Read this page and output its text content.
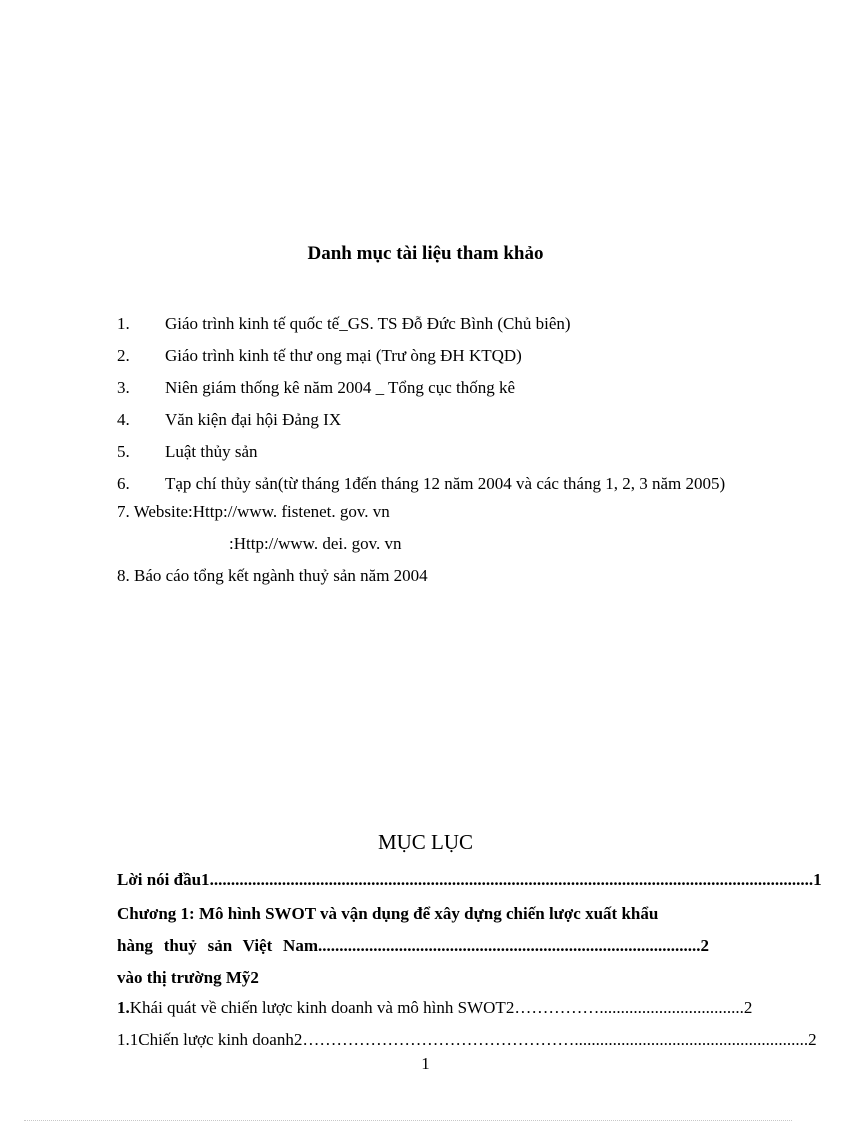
Danh mục tài liệu tham khảo
1. Giáo trình kinh tế quốc tế_GS. TS Đỗ Đức Bình (Chủ biên)
2. Giáo trình kinh tế thư ong mại (Trư òng ĐH KTQD)
3. Niên giám thống kê năm 2004 _ Tổng cục thống kê
4. Văn kiện đại hội Đảng IX
5. Luật thủy sản
6. Tạp chí thủy sản(từ tháng 1đến tháng 12 năm 2004 và các tháng 1, 2, 3 năm 2005)
7. Website:Http://www. fistenet. gov. vn
:Http://www. dei. gov. vn
8. Báo cáo tổng kết ngành thuỷ sản năm 2004
MỤC LỤC
Lời nói đầu1 .............................................................................................................................................. 1
Chương 1: Mô hình SWOT và vận dụng để xây dựng chiến lược xuất khẩu
hàng thuỷ sản Việt Nam vào thị trường Mỹ2
.......................................................................................... 2
1. Khái quát về chiến lược kinh doanh và mô hình SWOT2 …………….................................. 2
1.1 Chiến lược kinh doanh2 …………………………………………....................................................... 2
1
